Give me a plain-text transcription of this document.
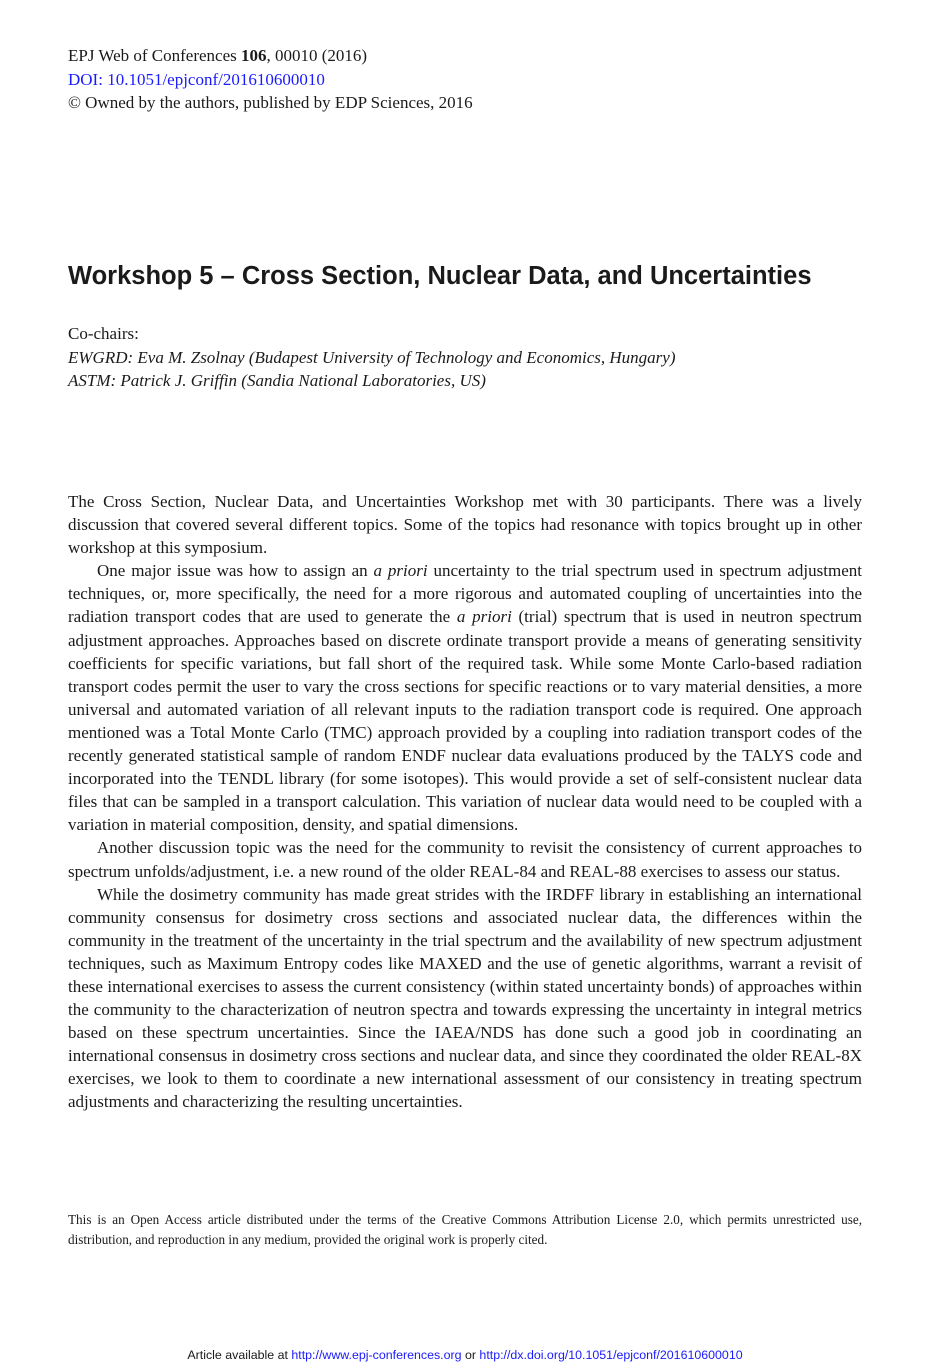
EPJ Web of Conferences 106, 00010 (2016)
DOI: 10.1051/epjconf/201610600010
© Owned by the authors, published by EDP Sciences, 2016
Workshop 5 – Cross Section, Nuclear Data, and Uncertainties
Co-chairs:
EWGRD: Eva M. Zsolnay (Budapest University of Technology and Economics, Hungary)
ASTM: Patrick J. Griffin (Sandia National Laboratories, US)

The Cross Section, Nuclear Data, and Uncertainties Workshop met with 30 participants. There was a lively discussion that covered several different topics. Some of the topics had resonance with topics brought up in other workshop at this symposium.

One major issue was how to assign an a priori uncertainty to the trial spectrum used in spectrum adjustment techniques, or, more specifically, the need for a more rigorous and automated coupling of uncertainties into the radiation transport codes that are used to generate the a priori (trial) spectrum that is used in neutron spectrum adjustment approaches. Approaches based on discrete ordinate transport provide a means of generating sensitivity coefficients for specific variations, but fall short of the required task. While some Monte Carlo-based radiation transport codes permit the user to vary the cross sections for specific reactions or to vary material densities, a more universal and automated variation of all relevant inputs to the radiation transport code is required. One approach mentioned was a Total Monte Carlo (TMC) approach provided by a coupling into radiation transport codes of the recently generated statistical sample of random ENDF nuclear data evaluations produced by the TALYS code and incorporated into the TENDL library (for some isotopes). This would provide a set of self-consistent nuclear data files that can be sampled in a transport calculation. This variation of nuclear data would need to be coupled with a variation in material composition, density, and spatial dimensions.

Another discussion topic was the need for the community to revisit the consistency of current approaches to spectrum unfolds/adjustment, i.e. a new round of the older REAL-84 and REAL-88 exercises to assess our status.

While the dosimetry community has made great strides with the IRDFF library in establishing an international community consensus for dosimetry cross sections and associated nuclear data, the differences within the community in the treatment of the uncertainty in the trial spectrum and the availability of new spectrum adjustment techniques, such as Maximum Entropy codes like MAXED and the use of genetic algorithms, warrant a revisit of these international exercises to assess the current consistency (within stated uncertainty bonds) of approaches within the community to the characterization of neutron spectra and towards expressing the uncertainty in integral metrics based on these spectrum uncertainties. Since the IAEA/NDS has done such a good job in coordinating an international consensus in dosimetry cross sections and nuclear data, and since they coordinated the older REAL-8X exercises, we look to them to coordinate a new international assessment of our consistency in treating spectrum adjustments and characterizing the resulting uncertainties.

This is an Open Access article distributed under the terms of the Creative Commons Attribution License 2.0, which permits unrestricted use, distribution, and reproduction in any medium, provided the original work is properly cited.
Article available at http://www.epj-conferences.org or http://dx.doi.org/10.1051/epjconf/201610600010
